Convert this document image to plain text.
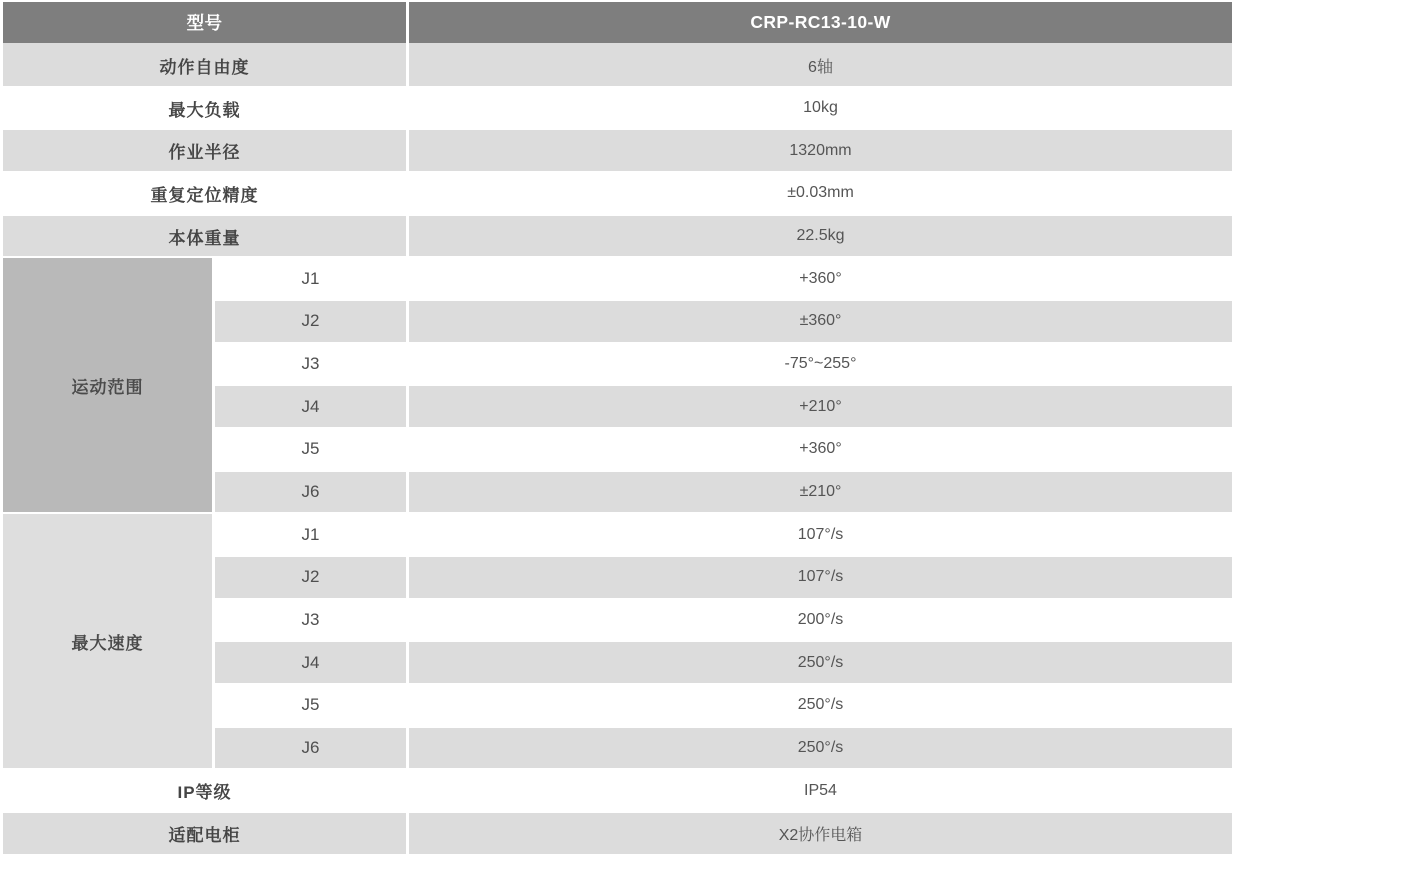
型号		CRP-RC13-10-W
动作自由度		6轴
最大负载		10kg
作业半径		1320mm
重复定位精度		±0.03mm
本体重量		22.5kg
运动范围	J1	+360°
	J2	±360°
	J3	-75°~255°
	J4	+210°
	J5	+360°
	J6	±210°
最大速度	J1	107°/s
	J2	107°/s
	J3	200°/s
	J4	250°/s
	J5	250°/s
	J6	250°/s
IP等级		IP54
适配电柜		X2协作电箱
